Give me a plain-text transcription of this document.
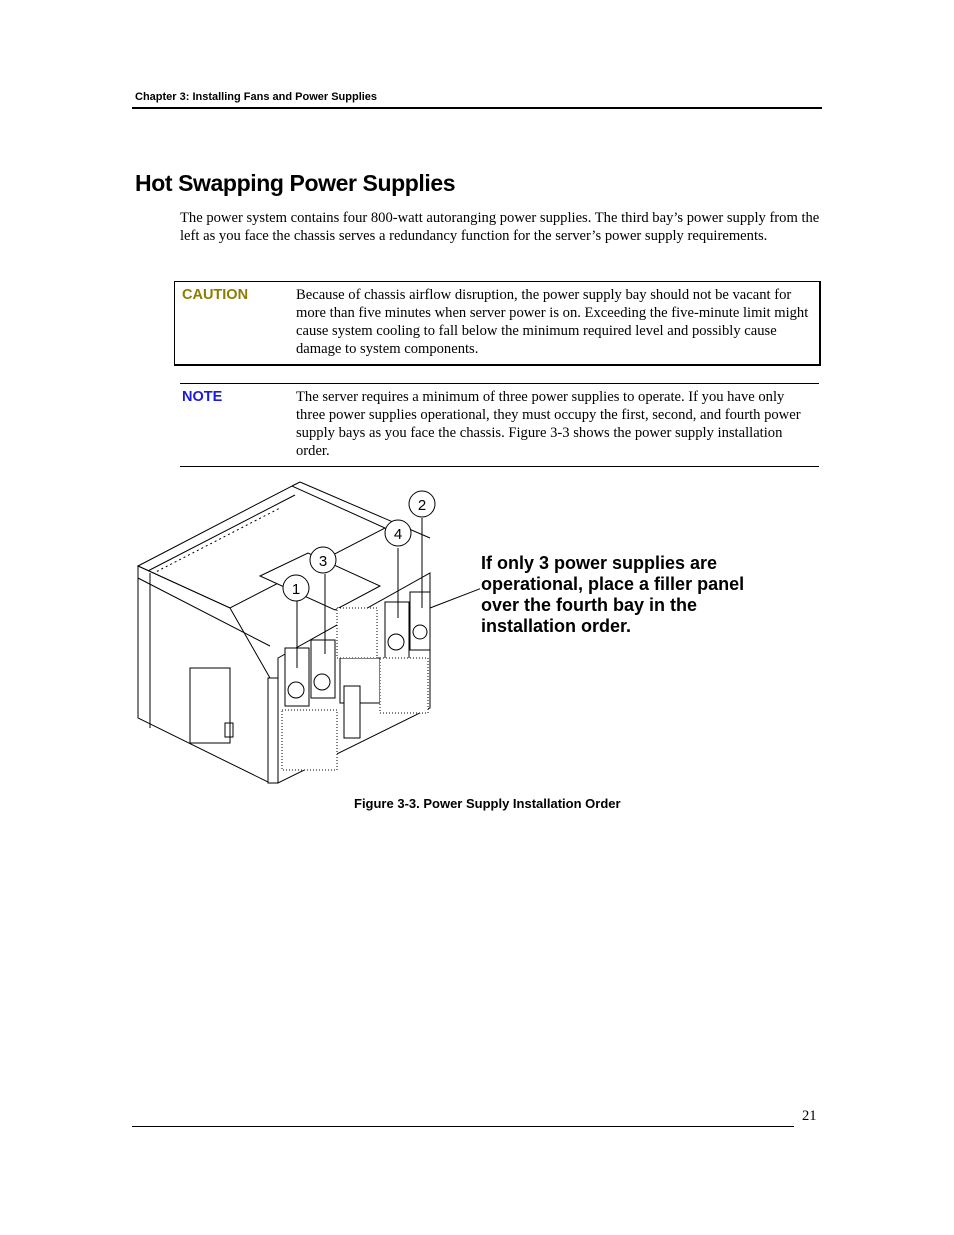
Chapter 3: Installing Fans and Power Supplies
Hot Swapping Power Supplies

The power system contains four 800-watt autoranging power supplies. The third bay’s power supply from the left as you face the chassis serves a redundancy function for the server’s power supply requirements.

CAUTION	Because of chassis airflow disruption, the power supply bay should not be vacant for more than five minutes when server power is on. Exceeding the five-minute limit might cause system cooling to fall below the minimum required level and possibly cause damage to system components.

NOTE	The server requires a minimum of three power supplies to operate. If you have only three power supplies operational, they must occupy the first, second, and fourth power supply bays as you face the chassis. Figure 3-3 shows the power supply installation order.

1
3
4
2
If only 3 power supplies are operational, place a filler panel over the fourth bay in the installation order.
Figure 3-3. Power Supply Installation Order
21
